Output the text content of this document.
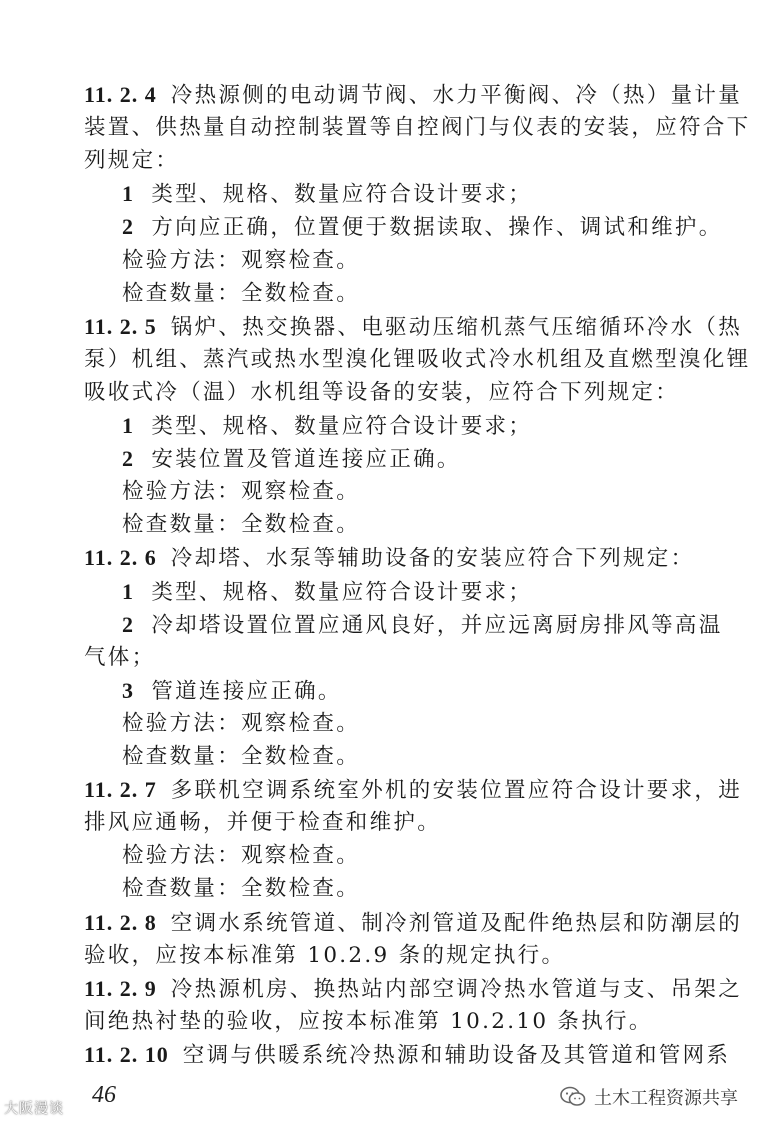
11. 2. 4 冷热源侧的电动调节阀、水力平衡阀、冷（热）量计量
装置、供热量自动控制装置等自控阀门与仪表的安装，应符合下
列规定：
1 类型、规格、数量应符合设计要求；
2 方向应正确，位置便于数据读取、操作、调试和维护。
检验方法：观察检查。
检查数量：全数检查。
11. 2. 5 锅炉、热交换器、电驱动压缩机蒸气压缩循环冷水（热
泵）机组、蒸汽或热水型溴化锂吸收式冷水机组及直燃型溴化锂
吸收式冷（温）水机组等设备的安装，应符合下列规定：
1 类型、规格、数量应符合设计要求；
2 安装位置及管道连接应正确。
检验方法：观察检查。
检查数量：全数检查。
11. 2. 6 冷却塔、水泵等辅助设备的安装应符合下列规定：
1 类型、规格、数量应符合设计要求；
2 冷却塔设置位置应通风良好，并应远离厨房排风等高温
气体；
3 管道连接应正确。
检验方法：观察检查。
检查数量：全数检查。
11. 2. 7 多联机空调系统室外机的安装位置应符合设计要求，进
排风应通畅，并便于检查和维护。
检验方法：观察检查。
检查数量：全数检查。
11. 2. 8 空调水系统管道、制冷剂管道及配件绝热层和防潮层的
验收，应按本标准第 10.2.9 条的规定执行。
11. 2. 9 冷热源机房、换热站内部空调冷热水管道与支、吊架之
间绝热衬垫的验收，应按本标准第 10.2.10 条执行。
11. 2. 10 空调与供暖系统冷热源和辅助设备及其管道和管网系
46
大阪漫谈	土木工程资源共享
